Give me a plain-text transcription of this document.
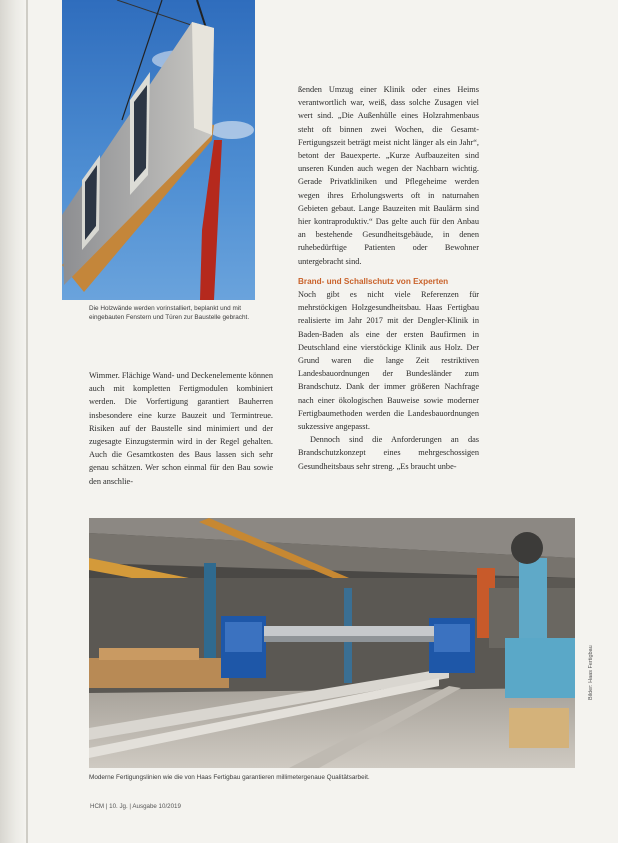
Die Holzwände werden vorinstalliert, beplankt und mit eingebauten Fenstern und Türen zur Baustelle gebracht.

Wimmer. Flächige Wand- und Deckenelemente können auch mit kompletten Fertigmodulen kombiniert werden. Die Vorfertigung garantiert Bauherren insbesondere eine kurze Bauzeit und Termintreue. Risiken auf der Baustelle sind minimiert und der zugesagte Einzugstermin wird in der Regel gehalten. Auch die Gesamtkosten des Baus lassen sich sehr genau schätzen. Wer schon einmal für den Bau sowie den anschlie-

ßenden Umzug einer Klinik oder eines Heims verantwortlich war, weiß, dass solche Zusagen viel wert sind. „Die Außenhülle eines Holzrahmenbaus steht oft binnen zwei Wochen, die Gesamt-Fertigungszeit beträgt meist nicht länger als ein Jahr“, betont der Bauexperte. „Kurze Aufbauzeiten sind unseren Kunden auch wegen der Nachbarn wichtig. Gerade Privatkliniken und Pflegeheime werden wegen ihres Erholungswerts oft in naturnahen Gebieten gebaut. Lange Bauzeiten mit Baulärm sind hier kontraproduktiv.“ Das gelte auch für den Anbau an bestehende Gesundheitsgebäude, in denen ruhebedürftige Patienten oder Bewohner untergebracht sind.

Brand- und Schallschutz von Experten

Noch gibt es nicht viele Referenzen für mehrstöckigen Holzgesundheitsbau. Haas Fertigbau realisierte im Jahr 2017 mit der Dengler-Klinik in Baden-Baden als eine der ersten Baufirmen in Deutschland eine vierstöckige Klinik aus Holz. Der Grund waren die lange Zeit restriktiven Landesbauordnungen der Bundesländer zum Brandschutz. Dank der immer größeren Nachfrage nach einer ökologischen Bauweise sowie moderner Fertigbaumethoden werden die Landesbauordnungen sukzessive angepasst.

Dennoch sind die Anforderungen an das Brandschutzkonzept eines mehrgeschossigen Gesundheitsbaus sehr streng. „Es braucht unbe-

Moderne Fertigungslinien wie die von Haas Fertigbau garantieren millimetergenaue Qualitätsarbeit.
Bilder: Haas Fertigbau
HCM | 10. Jg. | Ausgabe 10/2019
